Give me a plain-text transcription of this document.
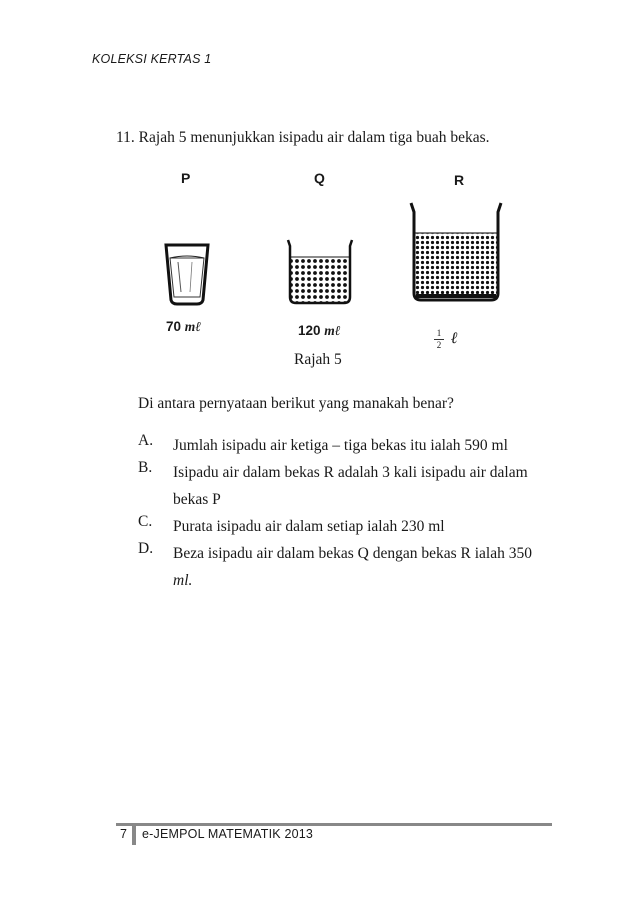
KOLEKSI KERTAS 1
11. Rajah 5 menunjukkan isipadu air dalam tiga buah bekas.
P	Q	R
70 mℓ	120 mℓ	$\frac{1}{2}$ ℓ
Rajah 5
Di antara pernyataan berikut yang manakah benar?
A. Jumlah isipadu air ketiga – tiga bekas itu ialah 590 ml
B. Isipadu air dalam bekas R adalah 3 kali isipadu air dalam bekas P
C. Purata isipadu air dalam setiap ialah 230 ml
D. Beza isipadu air dalam bekas Q dengan bekas R ialah 350
ml.
7 e-JEMPOL MATEMATIK 2013
